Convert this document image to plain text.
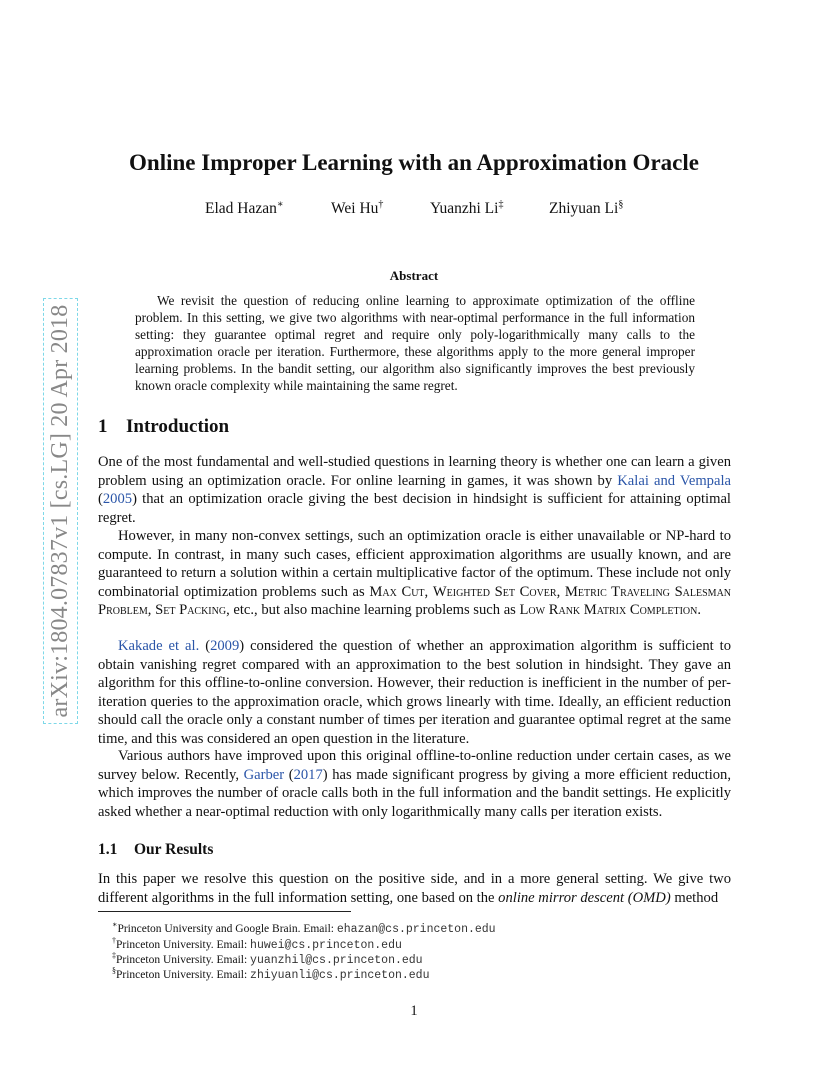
arXiv:1804.07837v1 [cs.LG] 20 Apr 2018
Online Improper Learning with an Approximation Oracle
Elad Hazan∗	Wei Hu†	Yuanzhi Li‡	Zhiyuan Li§
Abstract

We revisit the question of reducing online learning to approximate optimization of the offline problem. In this setting, we give two algorithms with near-optimal performance in the full information setting: they guarantee optimal regret and require only poly-logarithmically many calls to the approximation oracle per iteration. Furthermore, these algorithms apply to the more general improper learning problems. In the bandit setting, our algorithm also significantly improves the best previously known oracle complexity while maintaining the same regret.

1 Introduction

One of the most fundamental and well-studied questions in learning theory is whether one can learn a given problem using an optimization oracle. For online learning in games, it was shown by Kalai and Vempala (2005) that an optimization oracle giving the best decision in hindsight is sufficient for attaining optimal regret.

However, in many non-convex settings, such an optimization oracle is either unavailable or NP-hard to compute. In contrast, in many such cases, efficient approximation algorithms are usually known, and are guaranteed to return a solution within a certain multiplicative factor of the optimum. These include not only combinatorial optimization problems such as Max Cut, Weighted Set Cover, Metric Traveling Salesman Problem, Set Packing, etc., but also machine learning problems such as Low Rank Matrix Completion.

Kakade et al. (2009) considered the question of whether an approximation algorithm is sufficient to obtain vanishing regret compared with an approximation to the best solution in hindsight. They gave an algorithm for this offline-to-online conversion. However, their reduction is inefficient in the number of per-iteration queries to the approximation oracle, which grows linearly with time. Ideally, an efficient reduction should call the oracle only a constant number of times per iteration and guarantee optimal regret at the same time, and this was considered an open question in the literature.

Various authors have improved upon this original offline-to-online reduction under certain cases, as we survey below. Recently, Garber (2017) has made significant progress by giving a more efficient reduction, which improves the number of oracle calls both in the full information and the bandit settings. He explicitly asked whether a near-optimal reduction with only logarithmically many calls per iteration exists.

1.1 Our Results

In this paper we resolve this question on the positive side, and in a more general setting. We give two different algorithms in the full information setting, one based on the online mirror descent (OMD) method

∗Princeton University and Google Brain. Email: ehazan@cs.princeton.edu
†Princeton University. Email: huwei@cs.princeton.edu
‡Princeton University. Email: yuanzhil@cs.princeton.edu
§Princeton University. Email: zhiyuanli@cs.princeton.edu
1
